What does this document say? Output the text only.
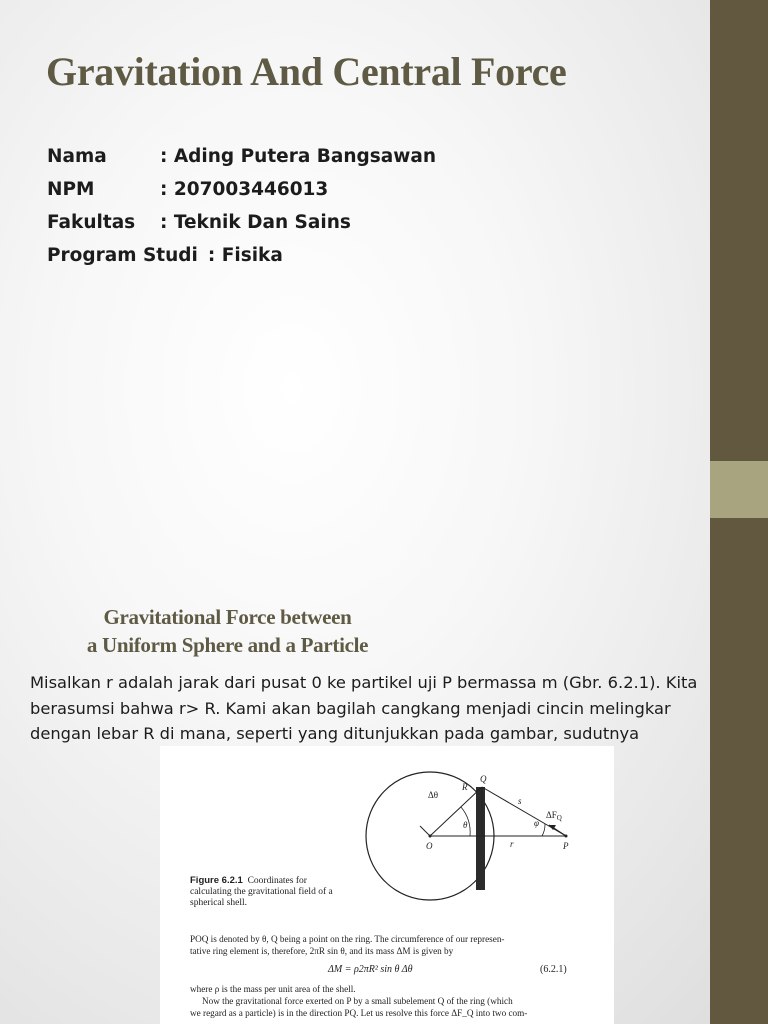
Gravitation And Central Force
Nama	: Ading Putera Bangsawan
NPM	: 207003446013
Fakultas : Teknik Dan Sains
Program Studi : Fisika
Gravitational Force between
a Uniform Sphere and a Particle

Misalkan r adalah jarak dari pusat 0 ke partikel uji P bermassa m (Gbr. 6.2.1). Kita berasumsi bahwa r> R. Kami akan bagilah cangkang menjadi cincin melingkar dengan lebar R di mana, seperti yang ditunjukkan pada gambar, sudutnya

Q
R
Δθ
θ	φ
s
r
O	P
$\Delta F_Q$
Figure 6.2.1 Coordinates for calculating the gravitational field of a spherical shell.
POQ is denoted by θ, Q being a point on the ring. The circumference of our represen-
tative ring element is, therefore, 2πR sin θ, and its mass ΔM is given by
ΔM = ρ2πR² sin θ Δθ	(6.2.1)
where ρ is the mass per unit area of the shell.
Now the gravitational force exerted on P by a small subelement Q of the ring (which
we regard as a particle) is in the direction PQ. Let us resolve this force ΔF_Q into two com-
